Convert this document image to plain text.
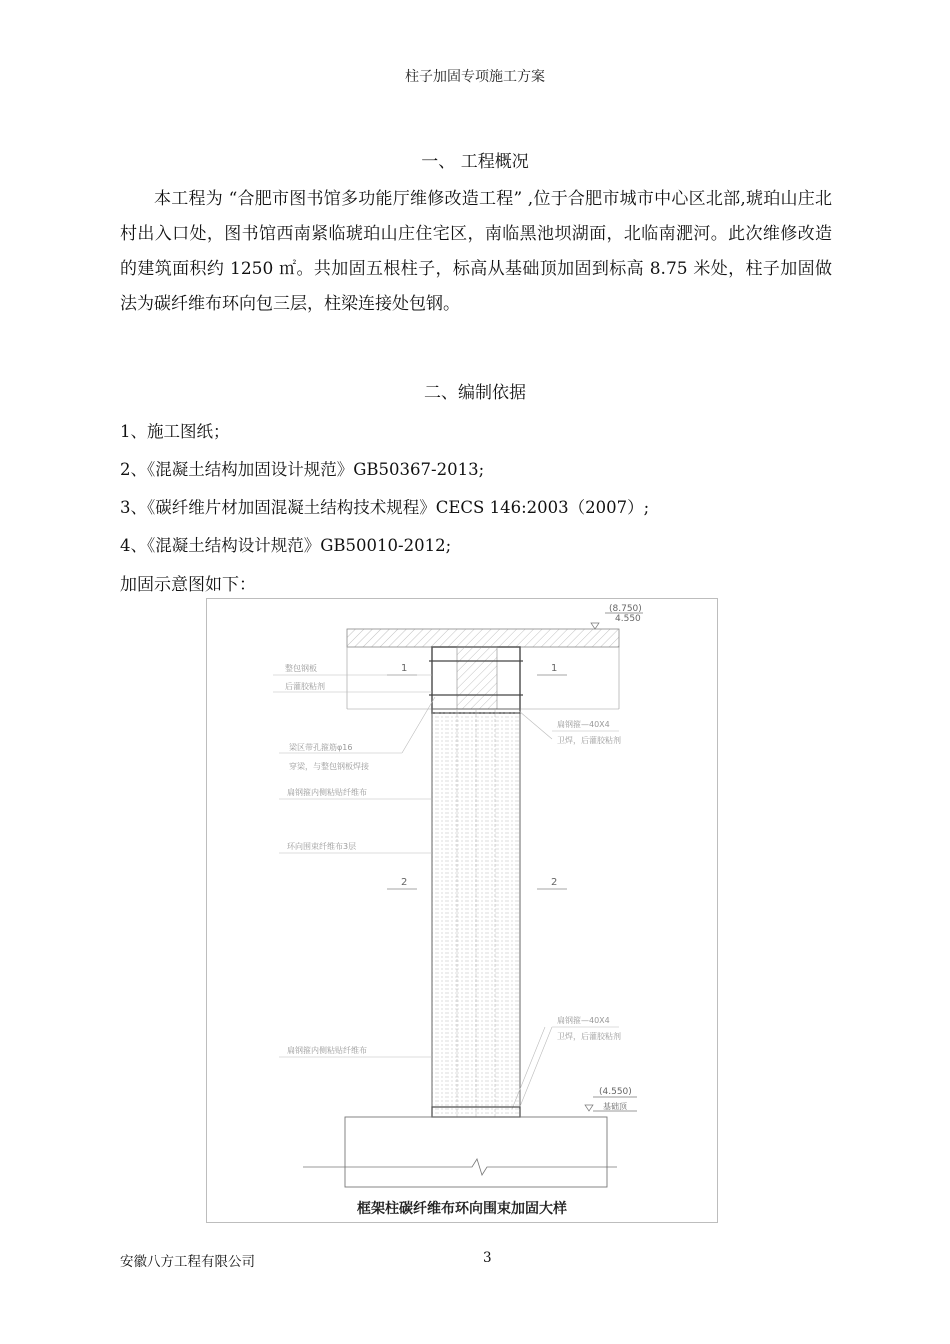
柱子加固专项施工方案
一、 工程概况
本工程为 “合肥市图书馆多功能厅维修改造工程” ,位于合肥市城市中心区北部,琥珀山庄北村出入口处，图书馆西南紧临琥珀山庄住宅区，南临黑池坝湖面，北临南淝河。此次维修改造的建筑面积约 1250 ㎡。共加固五根柱子，标高从基础顶加固到标高 8.75 米处，柱子加固做法为碳纤维布环向包三层，柱梁连接处包钢。
二、编制依据
1、施工图纸；
2、《混凝土结构加固设计规范》GB50367-2013;
3、《碳纤维片材加固混凝土结构技术规程》CECS 146:2003（2007）;
4、《混凝土结构设计规范》GB50010-2012;
加固示意图如下：
(8.750)
4.550
1	1
2	2
整包钢板
后灌胶粘剂
梁区带孔箍筋φ16
穿梁，与整包钢板焊接
扁钢箍内侧粘贴纤维布
环向围束纤维布3层
扁钢箍内侧粘贴纤维布
扁钢箍—40X4
卫焊，后灌胶粘剂
扁钢箍—40X4
卫焊，后灌胶粘剂
(4.550)
基础顶
框架柱碳纤维布环向围束加固大样
安徽八方工程有限公司	3
